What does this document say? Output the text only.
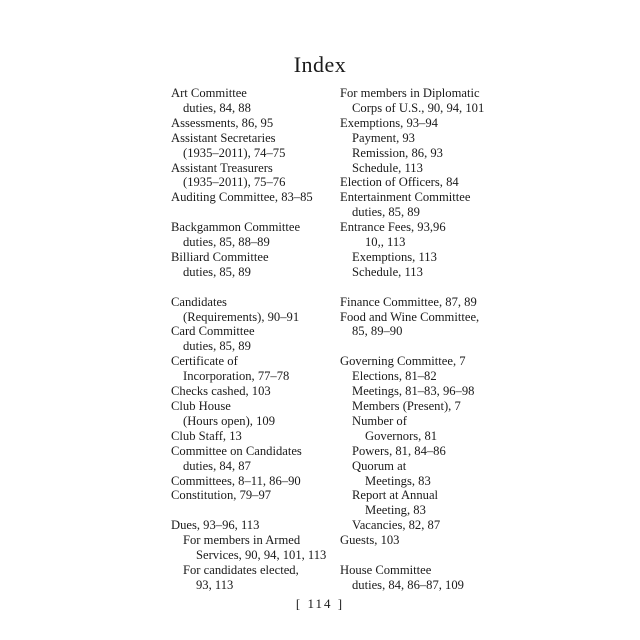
Index
Art Committee
duties, 84, 88
Assessments, 86, 95
Assistant Secretaries
(1935–2011), 74–75
Assistant Treasurers
(1935–2011), 75–76
Auditing Committee, 83–85
Backgammon Committee
duties, 85, 88–89
Billiard Committee
duties, 85, 89
Candidates
(Requirements), 90–91
Card Committee
duties, 85, 89
Certificate of
Incorporation, 77–78
Checks cashed, 103
Club House
(Hours open), 109
Club Staff, 13
Committee on Candidates
duties, 84, 87
Committees, 8–11, 86–90
Constitution, 79–97
Dues, 93–96, 113
For members in Armed
Services, 90, 94, 101, 113
For candidates elected,
93, 113
For members in Diplomatic
Corps of U.S., 90, 94, 101
Exemptions, 93–94
Payment, 93
Remission, 86, 93
Schedule, 113
Election of Officers, 84
Entertainment Committee
duties, 85, 89
Entrance Fees, 93,96
10,, 113
Exemptions, 113
Schedule, 113
Finance Committee, 87, 89
Food and Wine Committee,
85, 89–90
Governing Committee, 7
Elections, 81–82
Meetings, 81–83, 96–98
Members (Present), 7
Number of
Governors, 81
Powers, 81, 84–86
Quorum at
Meetings, 83
Report at Annual
Meeting, 83
Vacancies, 82, 87
Guests, 103
House Committee
duties, 84, 86–87, 109
[ 114 ]
